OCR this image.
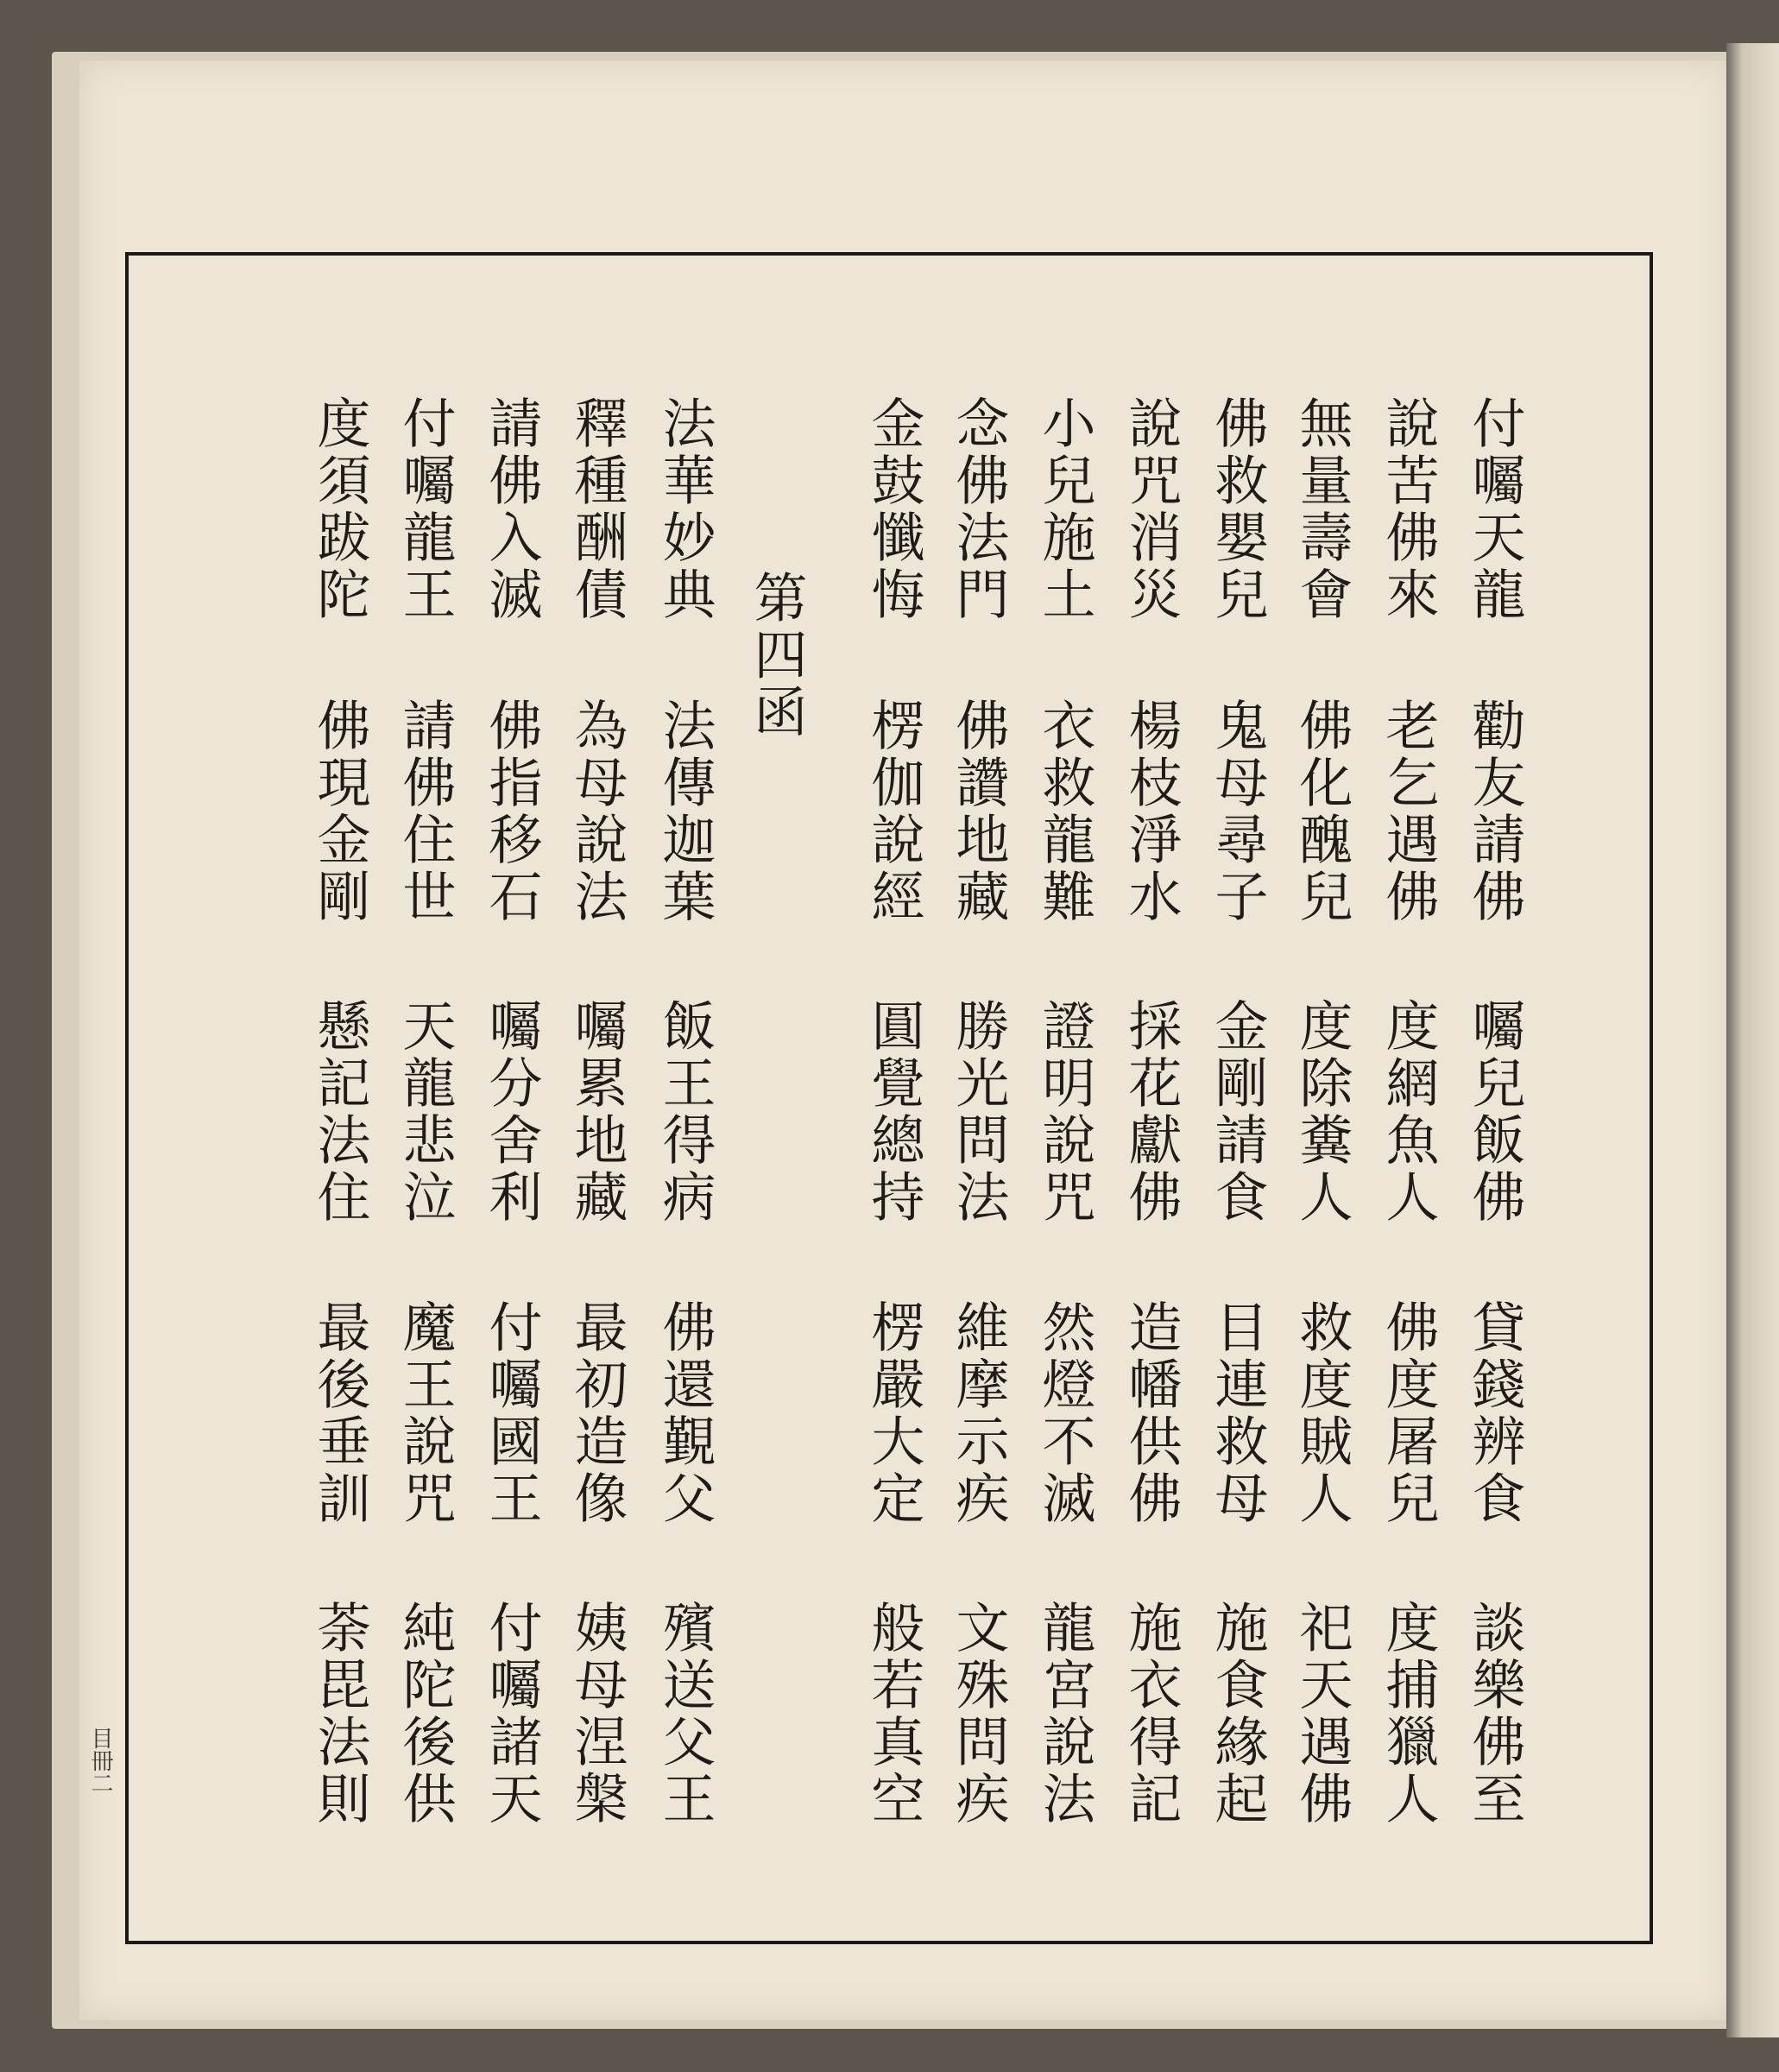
付囑天龍
勸友請佛
囑兒飯佛
貸錢辨食
談樂佛至
說苦佛來
老乞遇佛
度網魚人
佛度屠兒
度捕獵人
無量壽會
佛化醜兒
度除糞人
救度賊人
祀天遇佛
佛救嬰兒
鬼母尋子
金剛請食
目連救母
施食緣起
說咒消災
楊枝淨水
採花獻佛
造幡供佛
施衣得記
小兒施土
衣救龍難
證明說咒
然燈不滅
龍宮說法
念佛法門
佛讚地藏
勝光問法
維摩示疾
文殊問疾
金鼓懺悔
楞伽說經
圓覺總持
楞嚴大定
般若真空
法華妙典
法傳迦葉
飯王得病
佛還覲父
殯送父王
釋種酬債
為母說法
囑累地藏
最初造像
姨母涅槃
請佛入滅
佛指移石
囑分舍利
付囑國王
付囑諸天
付囑龍王
請佛住世
天龍悲泣
魔王說咒
純陀後供
度須跋陀
佛現金剛
懸記法住
最後垂訓
荼毘法則
第四函
目冊二
